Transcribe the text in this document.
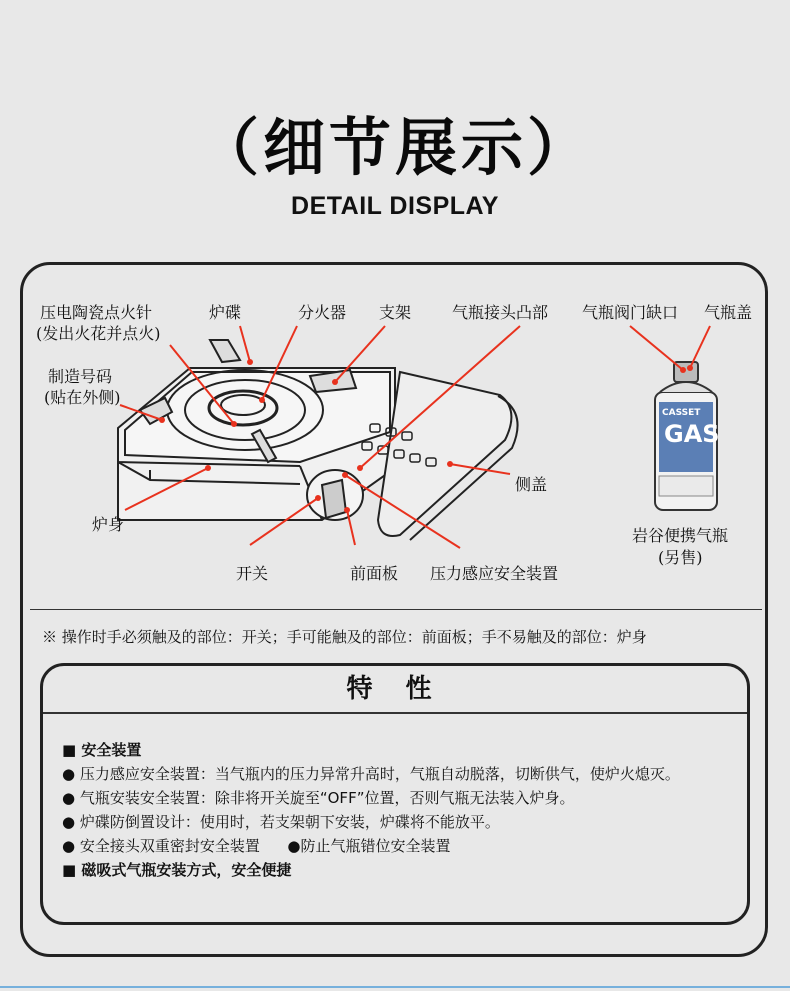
（细节展示）
DETAIL DISPLAY
CASSET
GAS
压电陶瓷点火针
(发出火花并点火)
炉碟	分火器 支架	气瓶接头凸部 气瓶阀门缺口 气瓶盖
制造号码
(贴在外侧)
侧盖
炉身
岩谷便携气瓶
(另售)
开关	前面板 压力感应安全装置
※ 操作时手必须触及的部位：开关；手可能触及的部位：前面板；手不易触及的部位：炉身
特 性
■ 安全装置
● 压力感应安全装置：当气瓶内的压力异常升高时，气瓶自动脱落，切断供气，使炉火熄灭。
● 气瓶安装安全装置：除非将开关旋至“OFF”位置，否则气瓶无法装入炉身。
● 炉碟防倒置设计：使用时，若支架朝下安装，炉碟将不能放平。
● 安全接头双重密封安全装置 ●防止气瓶错位安全装置
■ 磁吸式气瓶安装方式，安全便捷
